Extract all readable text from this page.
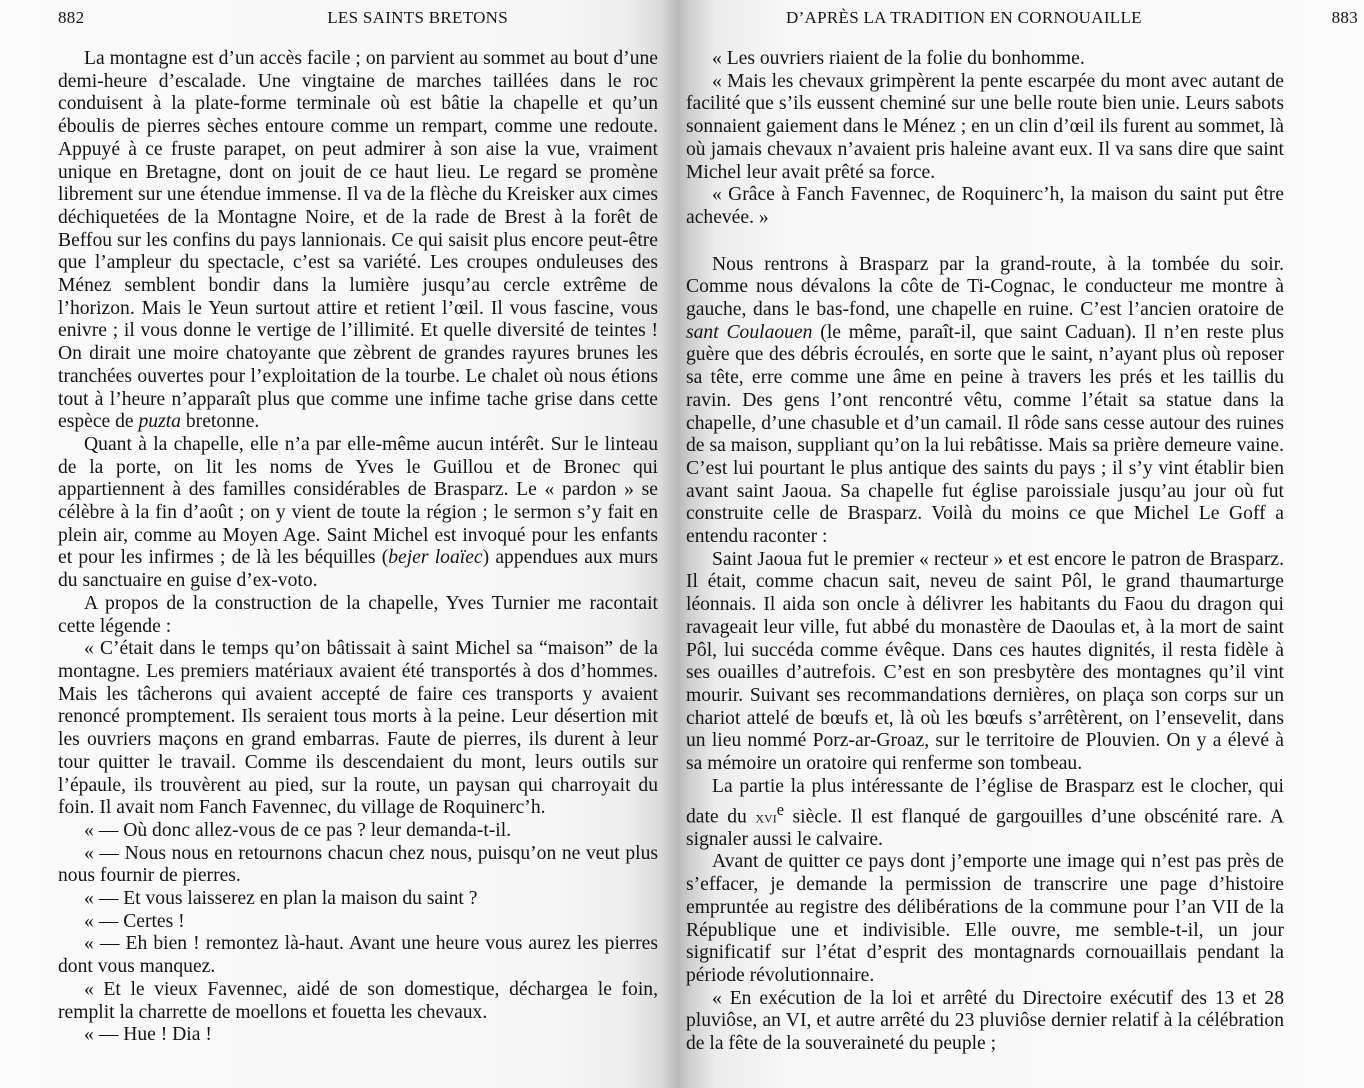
882	LES SAINTS BRETONS

La montagne est d’un accès facile ; on parvient au sommet au bout d’une demi-heure d’escalade. Une vingtaine de marches taillées dans le roc conduisent à la plate-forme terminale où est bâtie la chapelle et qu’un éboulis de pierres sèches entoure comme un rempart, comme une redoute. Appuyé à ce fruste parapet, on peut admirer à son aise la vue, vraiment unique en Bretagne, dont on jouit de ce haut lieu. Le regard se promène librement sur une étendue immense. Il va de la flèche du Kreisker aux cimes déchiquetées de la Montagne Noire, et de la rade de Brest à la forêt de Beffou sur les confins du pays lannionais. Ce qui saisit plus encore peut-être que l’ampleur du spectacle, c’est sa variété. Les croupes onduleuses des Ménez semblent bondir dans la lumière jusqu’au cercle extrême de l’horizon. Mais le Yeun surtout attire et retient l’œil. Il vous fascine, vous enivre ; il vous donne le vertige de l’illimité. Et quelle diversité de teintes ! On dirait une moire chatoyante que zèbrent de grandes rayures brunes les tranchées ouvertes pour l’exploitation de la tourbe. Le chalet où nous étions tout à l’heure n’apparaît plus que comme une infime tache grise dans cette espèce de puzta bretonne.

Quant à la chapelle, elle n’a par elle-même aucun intérêt. Sur le linteau de la porte, on lit les noms de Yves le Guillou et de Bronec qui appartiennent à des familles considérables de Brasparz. Le « pardon » se célèbre à la fin d’août ; on y vient de toute la région ; le sermon s’y fait en plein air, comme au Moyen Age. Saint Michel est invoqué pour les enfants et pour les infirmes ; de là les béquilles (bejer loaïec) appendues aux murs du sanctuaire en guise d’ex-voto.

A propos de la construction de la chapelle, Yves Turnier me racontait cette légende :

« C’était dans le temps qu’on bâtissait à saint Michel sa “maison” de la montagne. Les premiers matériaux avaient été transportés à dos d’hommes. Mais les tâcherons qui avaient accepté de faire ces transports y avaient renoncé promptement. Ils seraient tous morts à la peine. Leur désertion mit les ouvriers maçons en grand embarras. Faute de pierres, ils durent à leur tour quitter le travail. Comme ils descendaient du mont, leurs outils sur l’épaule, ils trouvèrent au pied, sur la route, un paysan qui charroyait du foin. Il avait nom Fanch Favennec, du village de Roquinerc’h.

« — Où donc allez-vous de ce pas ? leur demanda-t-il.

« — Nous nous en retournons chacun chez nous, puisqu’on ne veut plus nous fournir de pierres.

« — Et vous laisserez en plan la maison du saint ?

« — Certes !

« — Eh bien ! remontez là-haut. Avant une heure vous aurez les pierres dont vous manquez.

« Et le vieux Favennec, aidé de son domestique, déchargea le foin, remplit la charrette de moellons et fouetta les chevaux.

« — Hue ! Dia !

D’APRÈS LA TRADITION EN CORNOUAILLE	883

« Les ouvriers riaient de la folie du bonhomme.

« Mais les chevaux grimpèrent la pente escarpée du mont avec autant de facilité que s’ils eussent cheminé sur une belle route bien unie. Leurs sabots sonnaient gaiement dans le Ménez ; en un clin d’œil ils furent au sommet, là où jamais chevaux n’avaient pris haleine avant eux. Il va sans dire que saint Michel leur avait prêté sa force.

« Grâce à Fanch Favennec, de Roquinerc’h, la maison du saint put être achevée. »

Nous rentrons à Brasparz par la grand-route, à la tombée du soir. Comme nous dévalons la côte de Ti-Cognac, le conducteur me montre à gauche, dans le bas-fond, une chapelle en ruine. C’est l’ancien oratoire de sant Coulaouen (le même, paraît-il, que saint Caduan). Il n’en reste plus guère que des débris écroulés, en sorte que le saint, n’ayant plus où reposer sa tête, erre comme une âme en peine à travers les prés et les taillis du ravin. Des gens l’ont rencontré vêtu, comme l’était sa statue dans la chapelle, d’une chasuble et d’un camail. Il rôde sans cesse autour des ruines de sa maison, suppliant qu’on la lui rebâtisse. Mais sa prière demeure vaine. C’est lui pourtant le plus antique des saints du pays ; il s’y vint établir bien avant saint Jaoua. Sa chapelle fut église paroissiale jusqu’au jour où fut construite celle de Brasparz. Voilà du moins ce que Michel Le Goff a entendu raconter :

Saint Jaoua fut le premier « recteur » et est encore le patron de Brasparz. Il était, comme chacun sait, neveu de saint Pôl, le grand thaumarturge léonnais. Il aida son oncle à délivrer les habitants du Faou du dragon qui ravageait leur ville, fut abbé du monastère de Daoulas et, à la mort de saint Pôl, lui succéda comme évêque. Dans ces hautes dignités, il resta fidèle à ses ouailles d’autrefois. C’est en son presbytère des montagnes qu’il vint mourir. Suivant ses recommandations dernières, on plaça son corps sur un chariot attelé de bœufs et, là où les bœufs s’arrêtèrent, on l’ensevelit, dans un lieu nommé Porz-ar-Groaz, sur le territoire de Plouvien. On y a élevé à sa mémoire un oratoire qui renferme son tombeau.

La partie la plus intéressante de l’église de Brasparz est le clocher, qui date du xvi$^e$ siècle. Il est flanqué de gargouilles d’une obscénité rare. A signaler aussi le calvaire.

Avant de quitter ce pays dont j’emporte une image qui n’est pas près de s’effacer, je demande la permission de transcrire une page d’histoire empruntée au registre des délibérations de la commune pour l’an VII de la République une et indivisible. Elle ouvre, me semble-t-il, un jour significatif sur l’état d’esprit des montagnards cornouaillais pendant la période révolutionnaire.

« En exécution de la loi et arrêté du Directoire exécutif des 13 et 28 pluviôse, an VI, et autre arrêté du 23 pluviôse dernier relatif à la célébration de la fête de la souveraineté du peuple ;
